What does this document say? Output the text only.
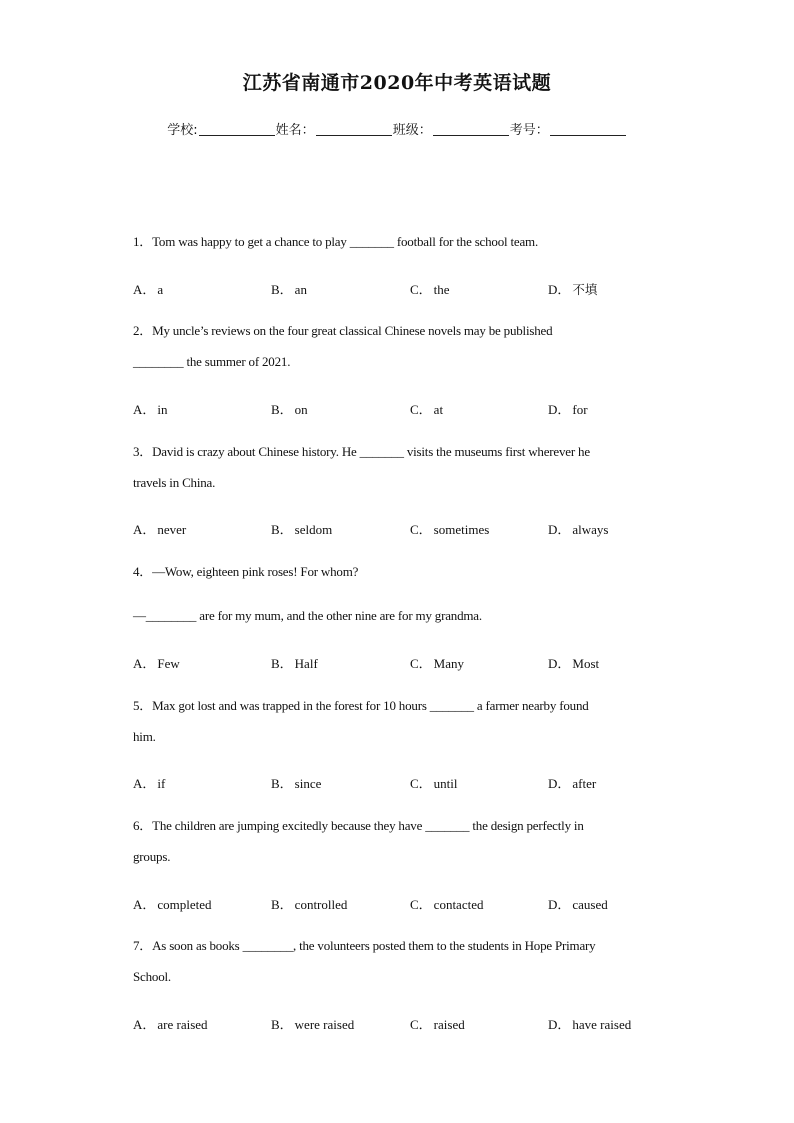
江苏省南通市2020年中考英语试题
学校:	姓名：	班级：	考号：
1．Tom was happy to get a chance to play _______ football for the school team.
A． a	B． an	C． the	D． 不填
2．My uncle’s reviews on the four great classical Chinese novels may be published
________ the summer of 2021.
A． in	B． on	C． at	D． for
3．David is crazy about Chinese history. He _______ visits the museums first wherever he
travels in China.
A． never	B． seldom	C． sometimes	D． always
4．—Wow, eighteen pink roses! For whom?
—________ are for my mum, and the other nine are for my grandma.
A． Few	B． Half	C． Many	D． Most
5．Max got lost and was trapped in the forest for 10 hours _______ a farmer nearby found
him.
A． if	B． since	C． until	D． after
6．The children are jumping excitedly because they have _______ the design perfectly in
groups.
A． completed	B． controlled	C． contacted	D． caused
7．As soon as books ________, the volunteers posted them to the students in Hope Primary
School.
A． are raised	B． were raised	C． raised	D． have raised
